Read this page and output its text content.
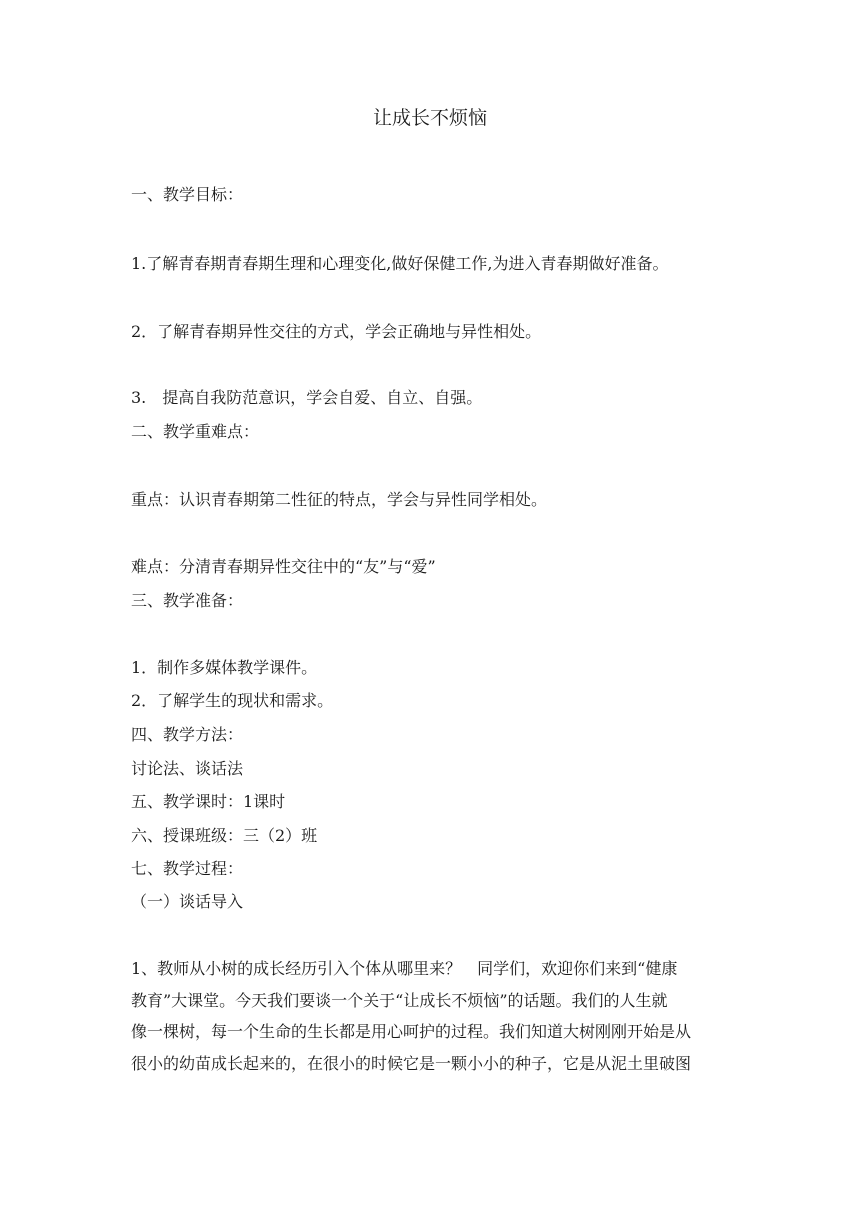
让成长不烦恼
一、教学目标：
1.了解青春期青春期生理和心理变化,做好保健工作,为进入青春期做好准备。
2．了解青春期异性交往的方式，学会正确地与异性相处。
3.　提高自我防范意识，学会自爱、自立、自强。
二、教学重难点：
重点：认识青春期第二性征的特点，学会与异性同学相处。
难点：分清青春期异性交往中的“友”与“爱”
三、教学准备：
1．制作多媒体教学课件。
2．了解学生的现状和需求。
四、教学方法：
讨论法、谈话法
五、教学课时：1课时
六、授课班级：三（2）班
七、教学过程：
（一）谈话导入
1、教师从小树的成长经历引入个体从哪里来？　同学们，欢迎你们来到“健康
教育”大课堂。今天我们要谈一个关于“让成长不烦恼”的话题。我们的人生就
像一棵树，每一个生命的生长都是用心呵护的过程。我们知道大树刚刚开始是从
很小的幼苗成长起来的，在很小的时候它是一颗小小的种子，它是从泥土里破图
